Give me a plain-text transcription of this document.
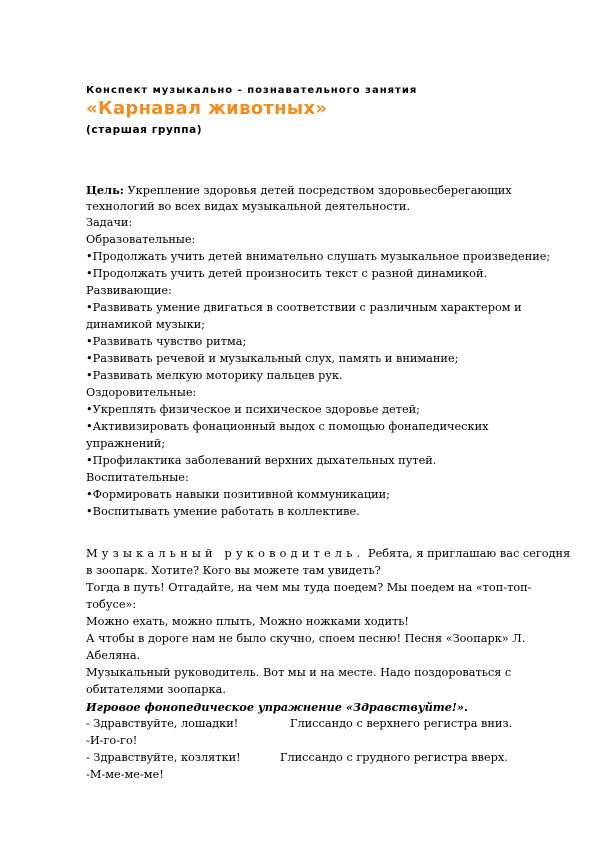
Конспект музыкально - познавательного занятия
«Карнавал животных»
(старшая группа)
Цель: Укрепление здоровья детей посредством здоровьесберегающих
технологий во всех видах музыкальной деятельности.
Задачи:
Образовательные:
•Продолжать учить детей внимательно слушать музыкальное произведение;
•Продолжать учить детей произносить текст с разной динамикой.
Развивающие:
•Развивать умение двигаться в соответствии с различным характером и
динамикой музыки;
•Развивать чувство ритма;
•Развивать речевой и музыкальный слух, память и внимание;
•Развивать мелкую моторику пальцев рук.
Оздоровительные:
•Укреплять физическое и психическое здоровье детей;
•Активизировать фонационный выдох с помощью фонапедических
упражнений;
•Профилактика заболеваний верхних дыхательных путей.
Воспитательные:
•Формировать навыки позитивной коммуникации;
•Воспитывать умение работать в коллективе.
Музыкальный руководитель. Ребята, я приглашаю вас сегодня
в зоопарк. Хотите? Кого вы можете там увидеть?
Тогда в путь! Отгадайте, на чем мы туда поедем? Мы поедем на «топ-топ-
тобусе»:
Можно ехать, можно плыть, Можно ножками ходить!
А чтобы в дороге нам не было скучно, споем песню! Песня «Зоопарк» Л.
Абеляна.
Музыкальный руководитель. Вот мы и на месте. Надо поздороваться с
обитателями зоопарка.
Игровое фонопедическое упражнение «Здравствуйте!».
- Здравствуйте, лошадки!	Глиссандо с верхнего регистра вниз.
-И-го-го!
- Здравствуйте, козлятки!	Глиссандо с грудного регистра вверх.
-М-ме-ме-ме!
